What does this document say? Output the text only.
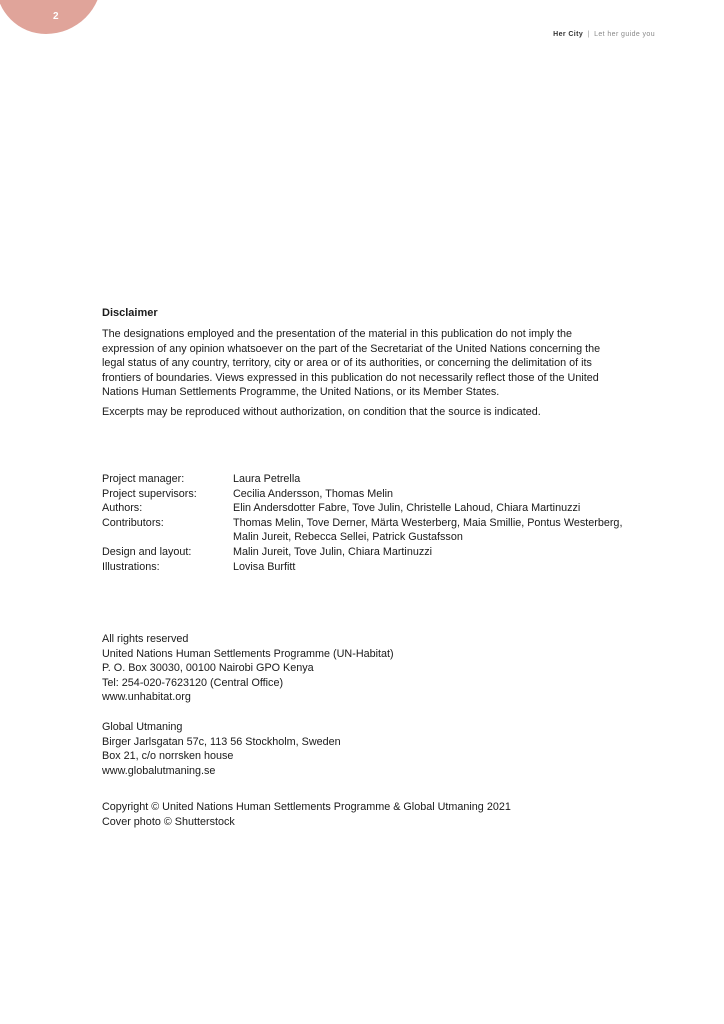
2
Her City | Let her guide you
Disclaimer

The designations employed and the presentation of the material in this publication do not imply the expression of any opinion whatsoever on the part of the Secretariat of the United Nations concerning the legal status of any country, territory, city or area or of its authorities, or concerning the delimitation of its frontiers of boundaries. Views expressed in this publication do not necessarily reflect those of the United Nations Human Settlements Programme, the United Nations, or its Member States.

Excerpts may be reproduced without authorization, on condition that the source is indicated.

Project manager:	Laura Petrella
Project supervisors:	Cecilia Andersson, Thomas Melin
Authors:	Elin Andersdotter Fabre, Tove Julin, Christelle Lahoud, Chiara Martinuzzi
Contributors:	Thomas Melin, Tove Derner, Märta Westerberg, Maia Smillie, Pontus Westerberg, Malin Jureit, Rebecca Sellei, Patrick Gustafsson
Design and layout:	Malin Jureit, Tove Julin, Chiara Martinuzzi
Illustrations:	Lovisa Burfitt
All rights reserved
United Nations Human Settlements Programme (UN-Habitat)
P. O. Box 30030, 00100 Nairobi GPO Kenya
Tel: 254-020-7623120 (Central Office)
www.unhabitat.org
Global Utmaning
Birger Jarlsgatan 57c, 113 56 Stockholm, Sweden
Box 21, c/o norrsken house
www.globalutmaning.se
Copyright © United Nations Human Settlements Programme & Global Utmaning 2021
Cover photo © Shutterstock
